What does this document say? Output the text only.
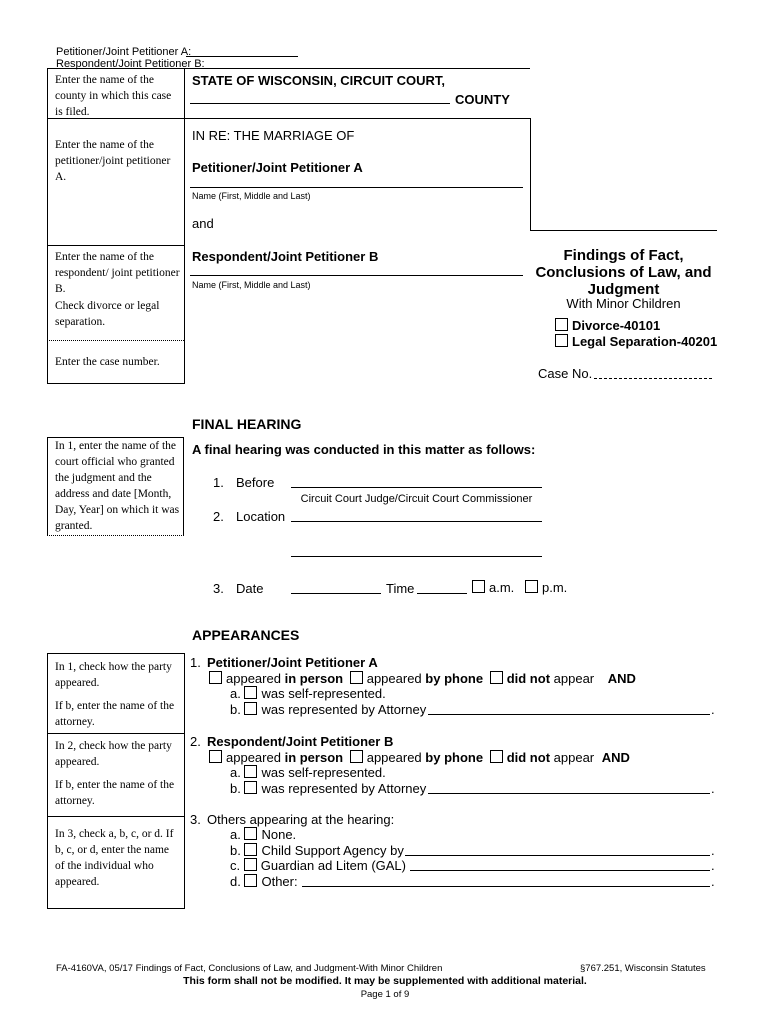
Petitioner/Joint Petitioner A:
Respondent/Joint Petitioner B:
Enter the name of the county in which this case is filed.
Enter the name of the petitioner/joint petitioner A.
Enter the name of the respondent/ joint petitioner B.
Check divorce or legal separation.
Enter the case number.
STATE OF WISCONSIN, CIRCUIT COURT,
COUNTY
IN RE: THE MARRIAGE OF
Petitioner/Joint Petitioner A
Name (First, Middle and Last)
and
Respondent/Joint Petitioner B
Name (First, Middle and Last)
Findings of Fact,
Conclusions of Law, and
Judgment
With Minor Children
Divorce-40101
Legal Separation-40201
Case No.
In 1, enter the name of the court official who granted the judgment and the address and date [Month, Day, Year] on which it was granted.
FINAL HEARING
A final hearing was conducted in this matter as follows:
1. Before
Circuit Court Judge/Circuit Court Commissioner
2. Location
3. Date	Time	a.m.	p.m.
APPEARANCES
In 1, check how the party appeared.
If b, enter the name of the attorney.
In 2, check how the party appeared.
If b, enter the name of the attorney.
In 3, check a, b, c, or d. If b, c, or d, enter the name of the individual who appeared.
1. Petitioner/Joint Petitioner A
appeared in person appeared by phone did not appear AND
a. was self-represented.
b. was represented by Attorney	.
2. Respondent/Joint Petitioner B
appeared in person appeared by phone did not appear AND
a. was self-represented.
b. was represented by Attorney	.
3. Others appearing at the hearing:
a. None.
b. Child Support Agency by	.
c. Guardian ad Litem (GAL)	.
d. Other:	.
FA-4160VA, 05/17 Findings of Fact, Conclusions of Law, and Judgment-With Minor Children	§767.251, Wisconsin Statutes
This form shall not be modified. It may be supplemented with additional material.
Page 1 of 9
